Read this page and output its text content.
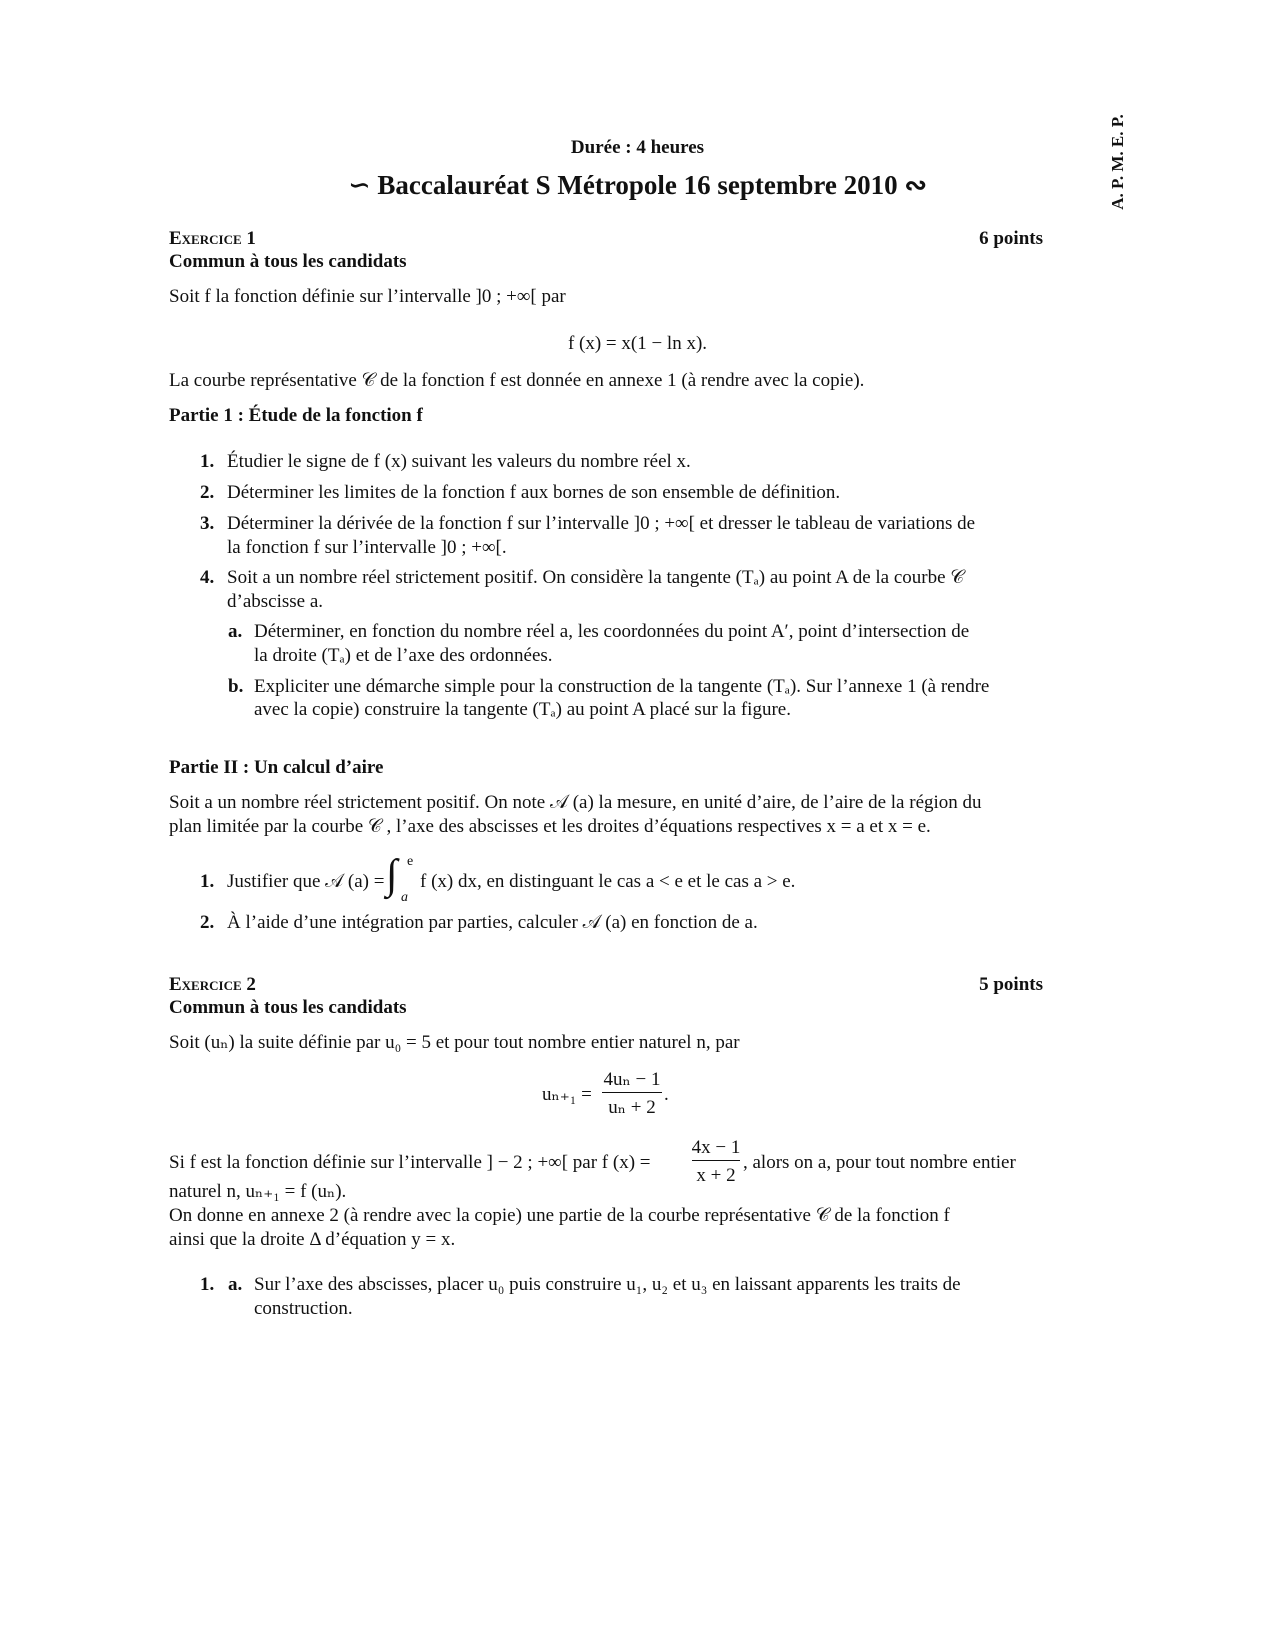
A. P. M. E. P.
Durée : 4 heures
∽ Baccalauréat S Métropole 16 septembre 2010 ∾
Exercice 1	6 points
Commun à tous les candidats
Soit f la fonction définie sur l’intervalle ]0 ; +∞[ par
f (x) = x(1 − ln x).
La courbe représentative 𝒞 de la fonction f est donnée en annexe 1 (à rendre avec la copie).
Partie 1 : Étude de la fonction f
1. Étudier le signe de f (x) suivant les valeurs du nombre réel x.
2. Déterminer les limites de la fonction f aux bornes de son ensemble de définition.
3. Déterminer la dérivée de la fonction f sur l’intervalle ]0 ; +∞[ et dresser le tableau de variations de
la fonction f sur l’intervalle ]0 ; +∞[.
4. Soit a un nombre réel strictement positif. On considère la tangente (Tₐ) au point A de la courbe 𝒞
d’abscisse a.
a. Déterminer, en fonction du nombre réel a, les coordonnées du point A′, point d’intersection de
la droite (Tₐ) et de l’axe des ordonnées.
b. Expliciter une démarche simple pour la construction de la tangente (Tₐ). Sur l’annexe 1 (à rendre
avec la copie) construire la tangente (Tₐ) au point A placé sur la figure.
Partie II : Un calcul d’aire
Soit a un nombre réel strictement positif. On note 𝒜 (a) la mesure, en unité d’aire, de l’aire de la région du
plan limitée par la courbe 𝒞 , l’axe des abscisses et les droites d’équations respectives x = a et x = e.
1. Justifier que 𝒜 (a) = ∫ e
a
f (x) dx, en distinguant le cas a < e et le cas a > e.
2. À l’aide d’une intégration par parties, calculer 𝒜 (a) en fonction de a.
Exercice 2	5 points
Commun à tous les candidats
Soit (uₙ) la suite définie par u₀ = 5 et pour tout nombre entier naturel n, par
uₙ₊₁ =
4uₙ − 1
uₙ + 2
.
Si f est la fonction définie sur l’intervalle ] − 2 ; +∞[ par f (x) =
4x − 1
x + 2
, alors on a, pour tout nombre entier
naturel n, uₙ₊₁ = f (uₙ).
On donne en annexe 2 (à rendre avec la copie) une partie de la courbe représentative 𝒞 de la fonction f
ainsi que la droite Δ d’équation y = x.
1. a. Sur l’axe des abscisses, placer u₀ puis construire u₁, u₂ et u₃ en laissant apparents les traits de
construction.
